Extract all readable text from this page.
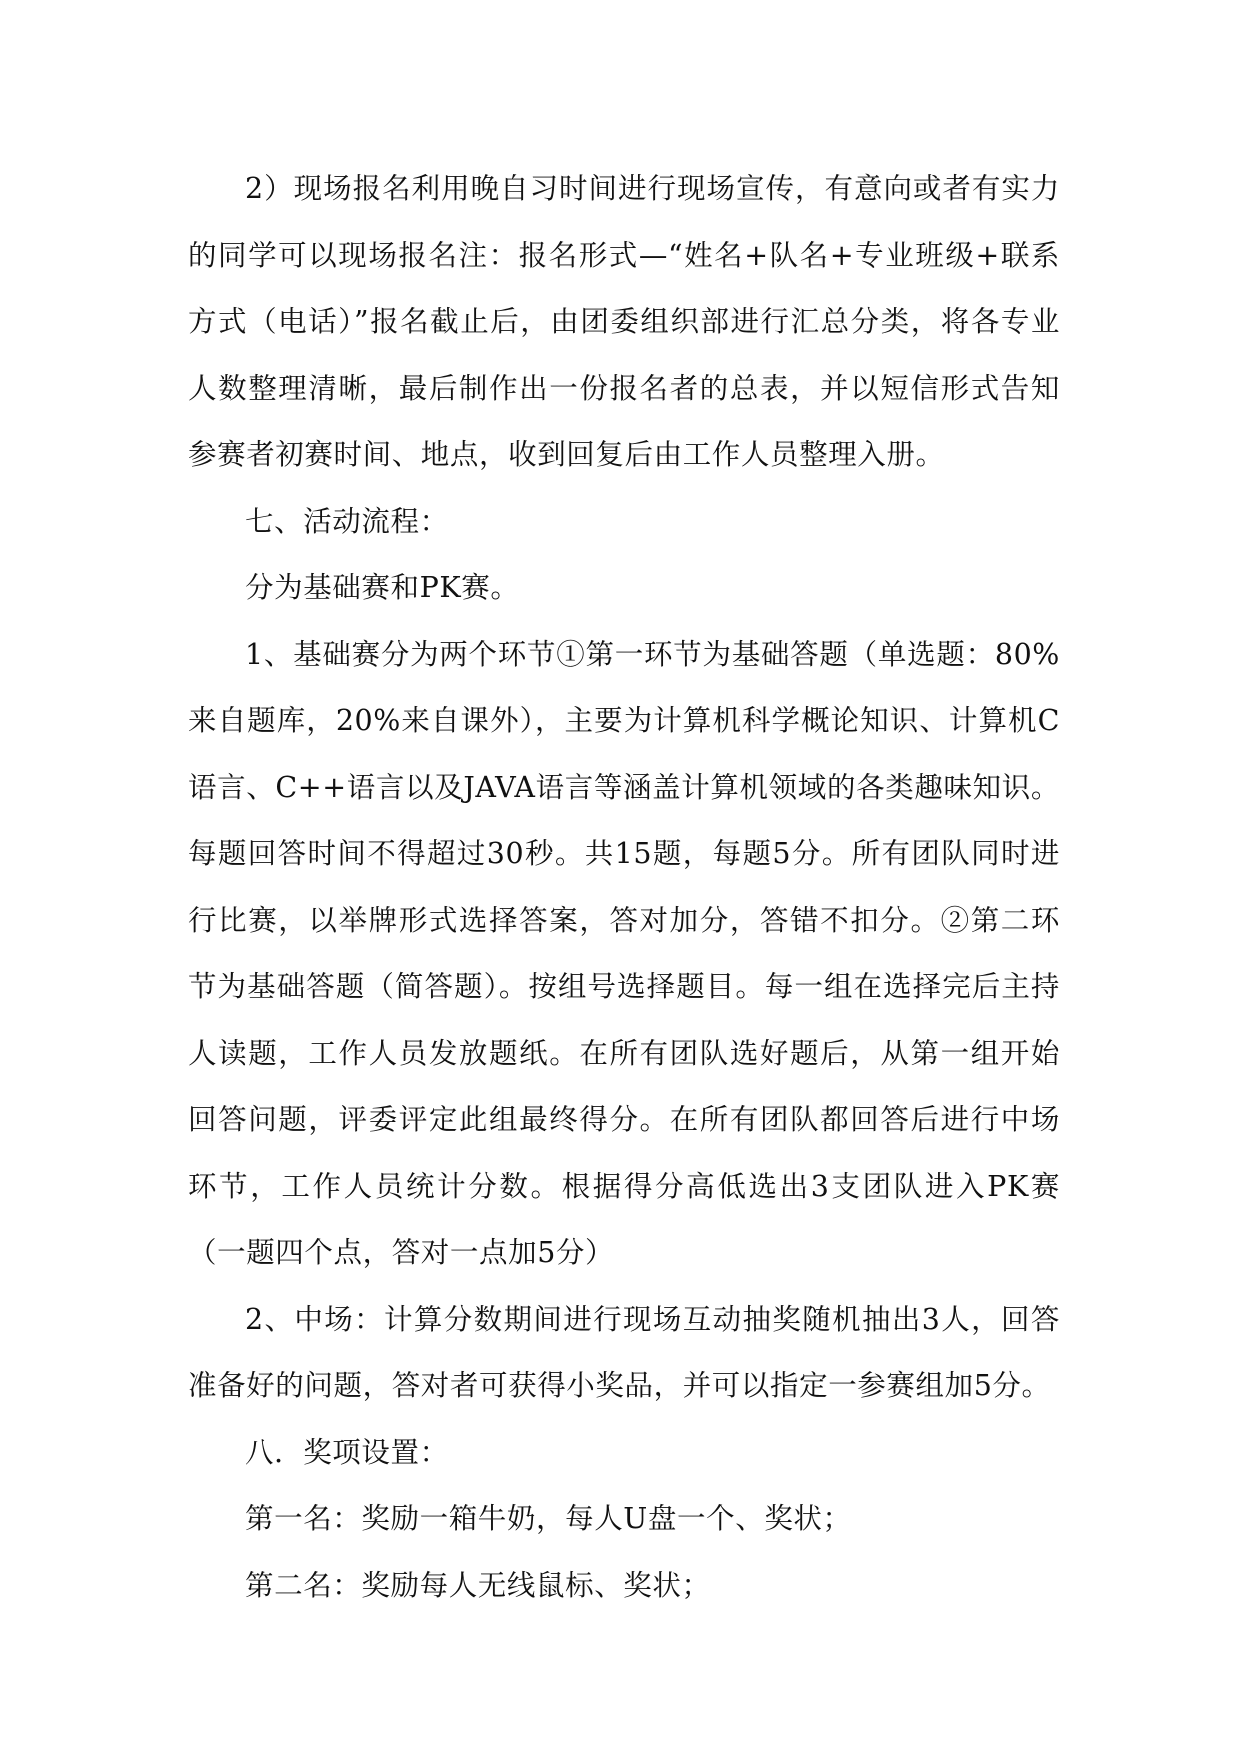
2）现场报名利用晚自习时间进行现场宣传，有意向或者有实力的同学可以现场报名注：报名形式—“姓名+队名+专业班级+联系方式（电话）”报名截止后，由团委组织部进行汇总分类，将各专业人数整理清晰，最后制作出一份报名者的总表，并以短信形式告知参赛者初赛时间、地点，收到回复后由工作人员整理入册。

七、活动流程：

分为基础赛和PK赛。

1、基础赛分为两个环节①第一环节为基础答题（单选题：80%来自题库，20%来自课外），主要为计算机科学概论知识、计算机C语言、C++语言以及JAVA语言等涵盖计算机领域的各类趣味知识。每题回答时间不得超过30秒。共15题，每题5分。所有团队同时进行比赛，以举牌形式选择答案，答对加分，答错不扣分。②第二环节为基础答题（简答题）。按组号选择题目。每一组在选择完后主持人读题，工作人员发放题纸。在所有团队选好题后，从第一组开始回答问题，评委评定此组最终得分。在所有团队都回答后进行中场环节，工作人员统计分数。根据得分高低选出3支团队进入PK赛（一题四个点，答对一点加5分）

2、中场：计算分数期间进行现场互动抽奖随机抽出3人，回答准备好的问题，答对者可获得小奖品，并可以指定一参赛组加5分。

八．奖项设置：

第一名：奖励一箱牛奶，每人U盘一个、奖状；

第二名：奖励每人无线鼠标、奖状；
